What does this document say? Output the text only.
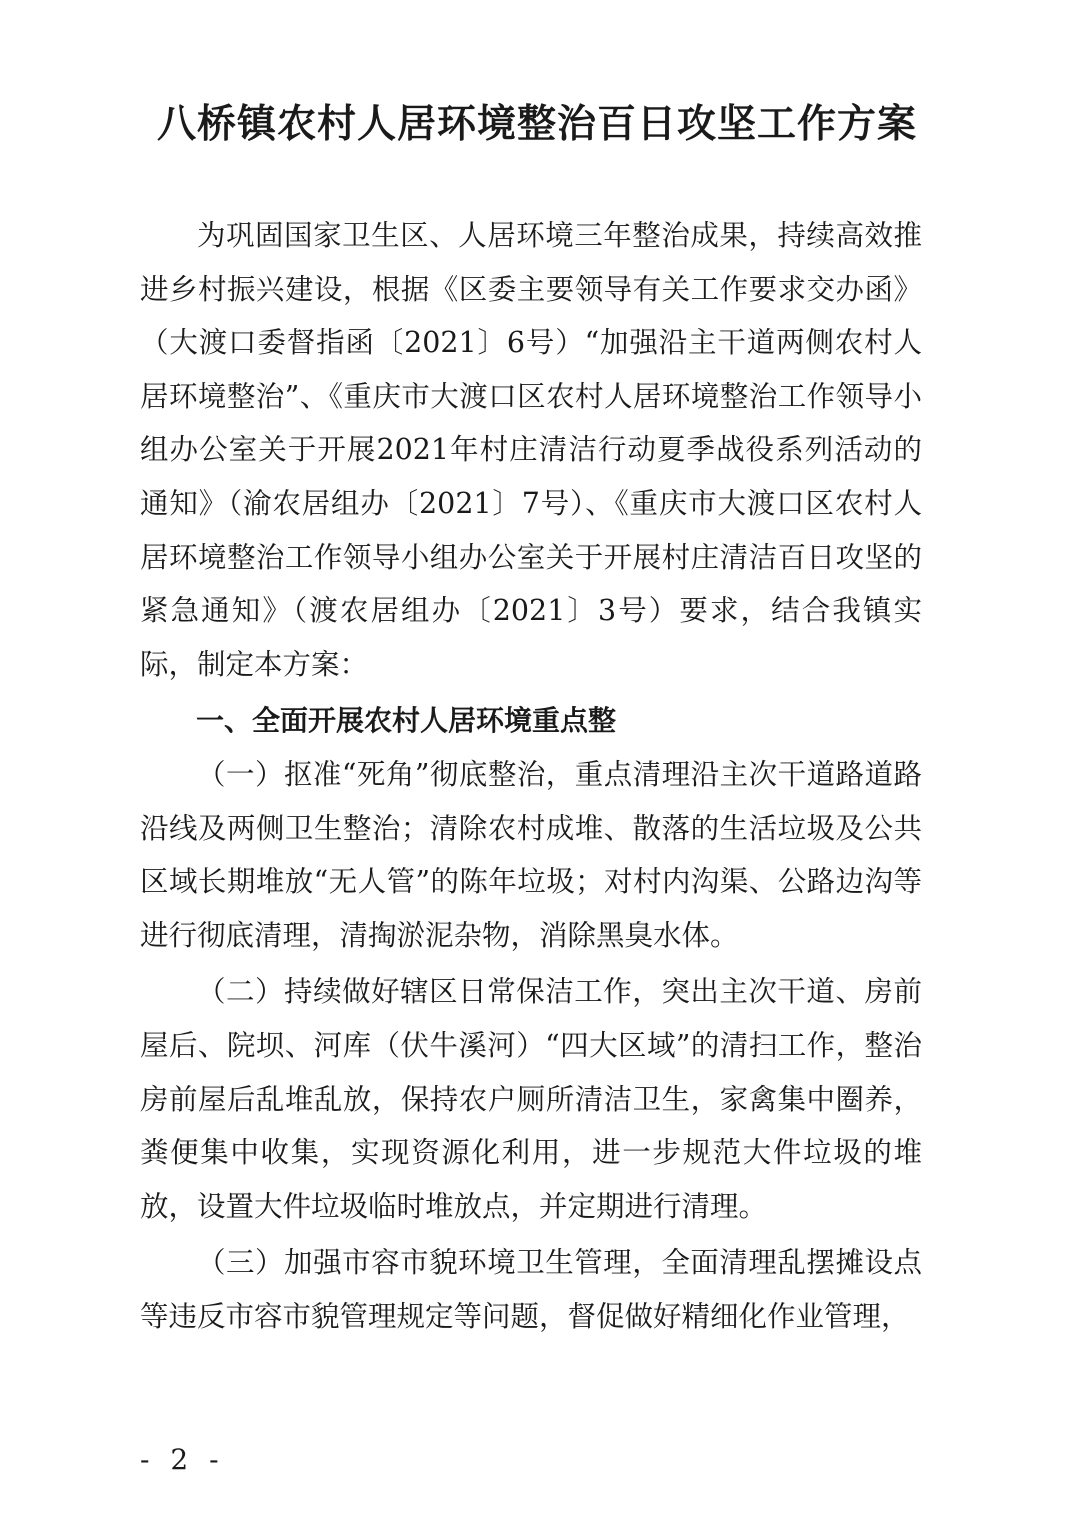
八桥镇农村人居环境整治百日攻坚工作方案

为巩固国家卫生区、人居环境三年整治成果，持续高效推进乡村振兴建设，根据《区委主要领导有关工作要求交办函》（大渡口委督指函〔2021〕6号）“加强沿主干道两侧农村人居环境整治”、《重庆市大渡口区农村人居环境整治工作领导小组办公室关于开展2021年村庄清洁行动夏季战役系列活动的通知》（渝农居组办〔2021〕7号）、《重庆市大渡口区农村人居环境整治工作领导小组办公室关于开展村庄清洁百日攻坚的紧急通知》（渡农居组办〔2021〕3号）要求，结合我镇实际，制定本方案：

一、全面开展农村人居环境重点整

（一）抠准“死角”彻底整治，重点清理沿主次干道路道路沿线及两侧卫生整治；清除农村成堆、散落的生活垃圾及公共区域长期堆放“无人管”的陈年垃圾；对村内沟渠、公路边沟等进行彻底清理，清掏淤泥杂物，消除黑臭水体。

（二）持续做好辖区日常保洁工作，突出主次干道、房前屋后、院坝、河库（伏牛溪河）“四大区域”的清扫工作，整治房前屋后乱堆乱放，保持农户厕所清洁卫生，家禽集中圈养，粪便集中收集，实现资源化利用，进一步规范大件垃圾的堆放，设置大件垃圾临时堆放点，并定期进行清理。

（三）加强市容市貌环境卫生管理，全面清理乱摆摊设点等违反市容市貌管理规定等问题，督促做好精细化作业管理，

- 2 -
